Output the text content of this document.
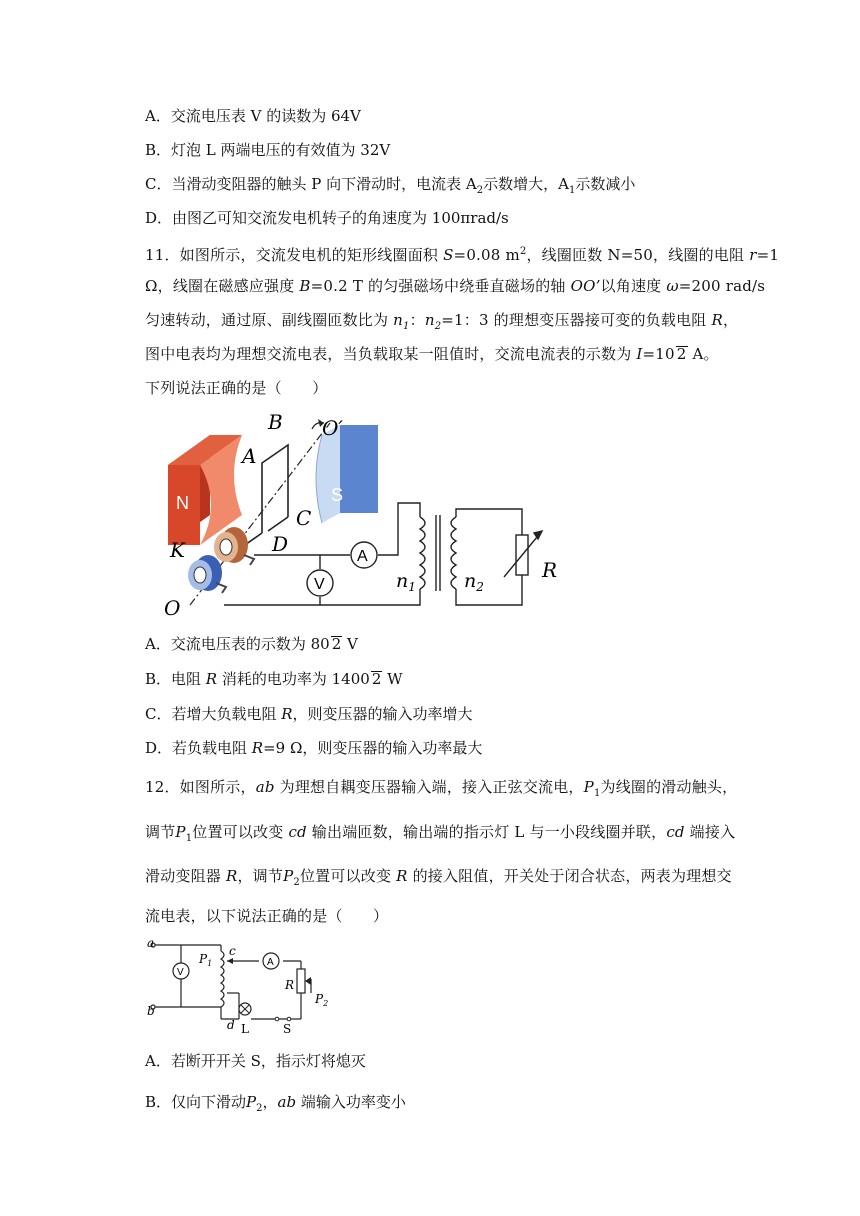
A．交流电压表 V 的读数为 64V
B．灯泡 L 两端电压的有效值为 32V
C．当滑动变阻器的触头 P 向下滑动时，电流表 $A_2$示数增大，$A_1$示数减小
D．由图乙可知交流发电机转子的角速度为 100πrad/s
11．如图所示，交流发电机的矩形线圈面积 S=0.08 $m^2$，线圈匝数 N=50，线圈的电阻 r=1
Ω，线圈在磁感应强度 B=0.2 T 的匀强磁场中绕垂直磁场的轴 OO’以角速度 ω=200 rad/s
匀速转动，通过原、副线圈匝数比为 $n_1$：$n_2=1$：3 的理想变压器接可变的负载电阻 R，
图中电表均为理想交流电表，当负载取某一阻值时，交流电流表的示数为 I=10 2 A。
下列说法正确的是（　　）
N	S
B
A
O′
C
D
K
O
A
V	$n_1$	$n_2$
R
A．交流电压表的示数为 80 2 V
B．电阻 R 消耗的电功率为 1400 2 W
C．若增大负载电阻 R，则变压器的输入功率增大
D．若负载电阻 R=9 Ω，则变压器的输入功率最大
12．如图所示，ab 为理想自耦变压器输入端，接入正弦交流电，$P_1$为线圈的滑动触头，
调节$P_1$位置可以改变 cd 输出端匝数，输出端的指示灯 L 与一小段线圈并联，cd 端接入
滑动变阻器 R，调节$P_2$位置可以改变 R 的接入阻值，开关处于闭合状态，两表为理想交
流电表，以下说法正确的是（　　）
V
A
a
b
c
d
$P_1$
R
$P_2$
L	S
A．若断开开关 S，指示灯将熄灭
B．仅向下滑动$P_2$，ab 端输入功率变小
